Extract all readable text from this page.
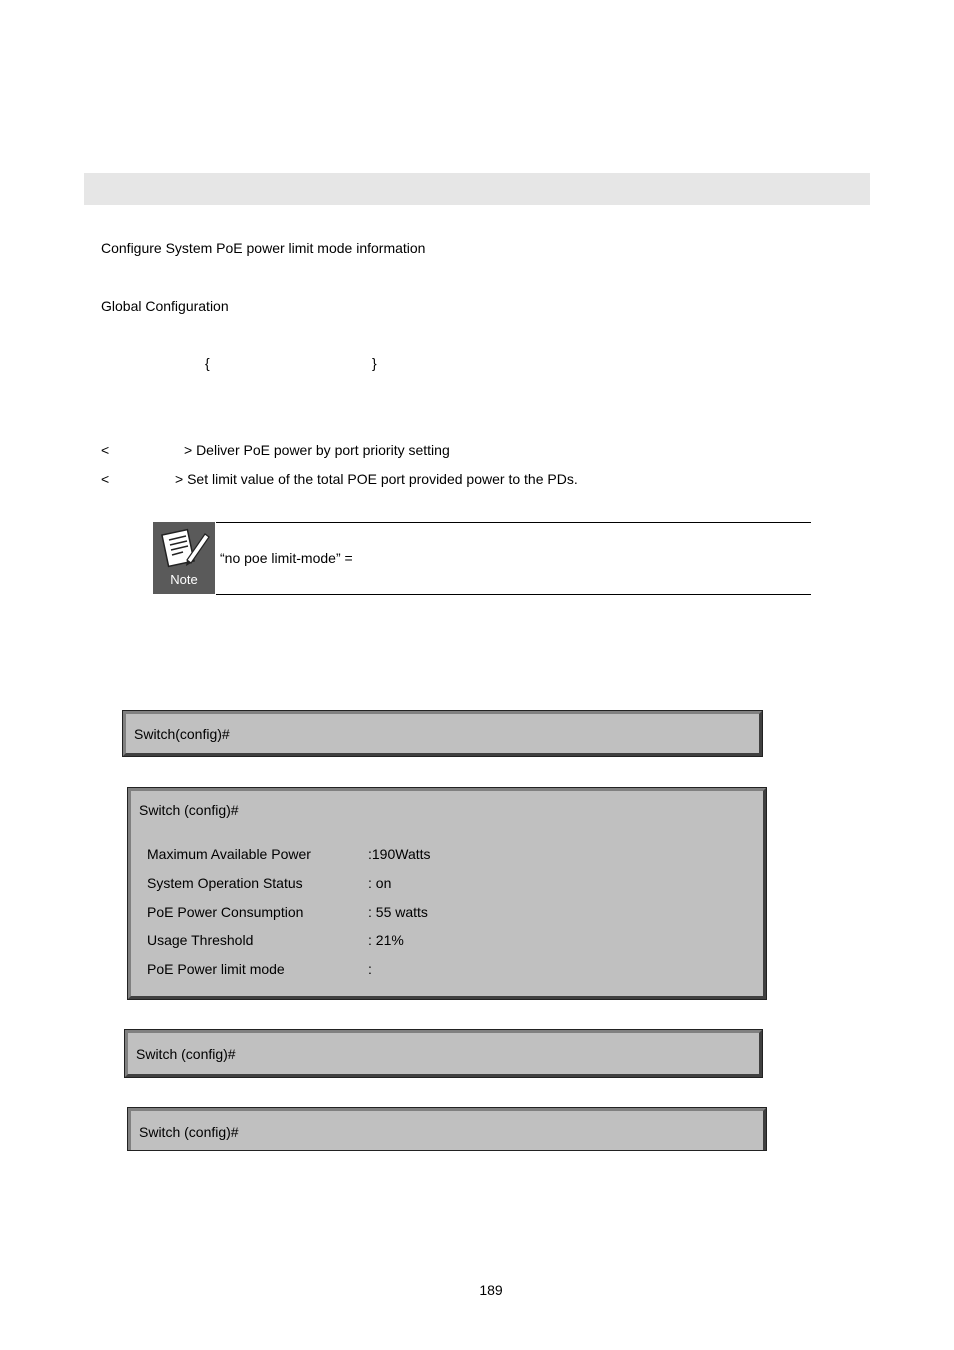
Configure System PoE power limit mode information
Global Configuration
{	}
<	> Deliver PoE power by port priority setting
<	> Set limit value of the total POE port provided power to the PDs.
Note
“no poe limit-mode” =
Switch(config)#
Switch (config)#
Maximum Available Power	:190Watts
System Operation Status	: on
PoE Power Consumption	: 55 watts
Usage Threshold	: 21%
PoE Power limit mode	:
Switch (config)#
Switch (config)#
189
